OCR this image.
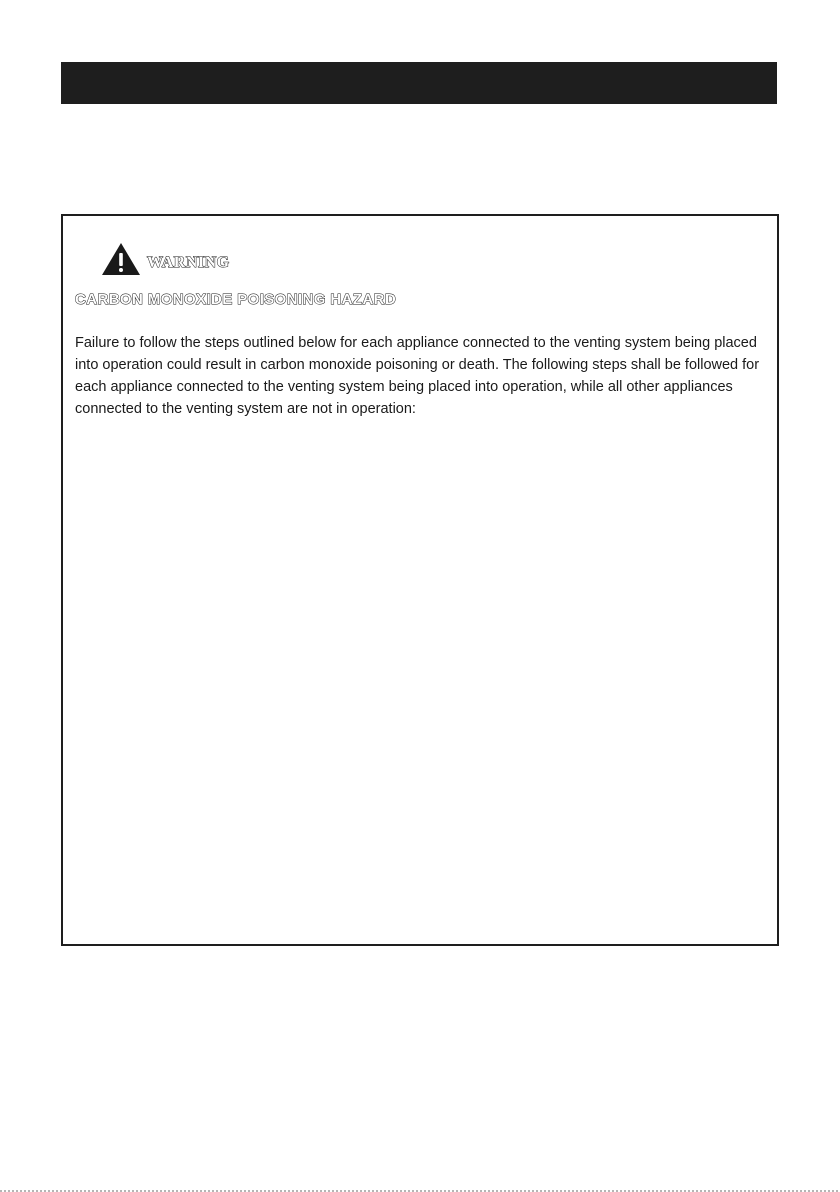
WARNING
CARBON MONOXIDE POISONING HAZARD

Failure to follow the steps outlined below for each appliance connected to the venting system being placed into operation could result in carbon monoxide poisoning or death. The following steps shall be followed for each appliance connected to the venting system being placed into operation, while all other appliances connected to the venting system are not in operation:
